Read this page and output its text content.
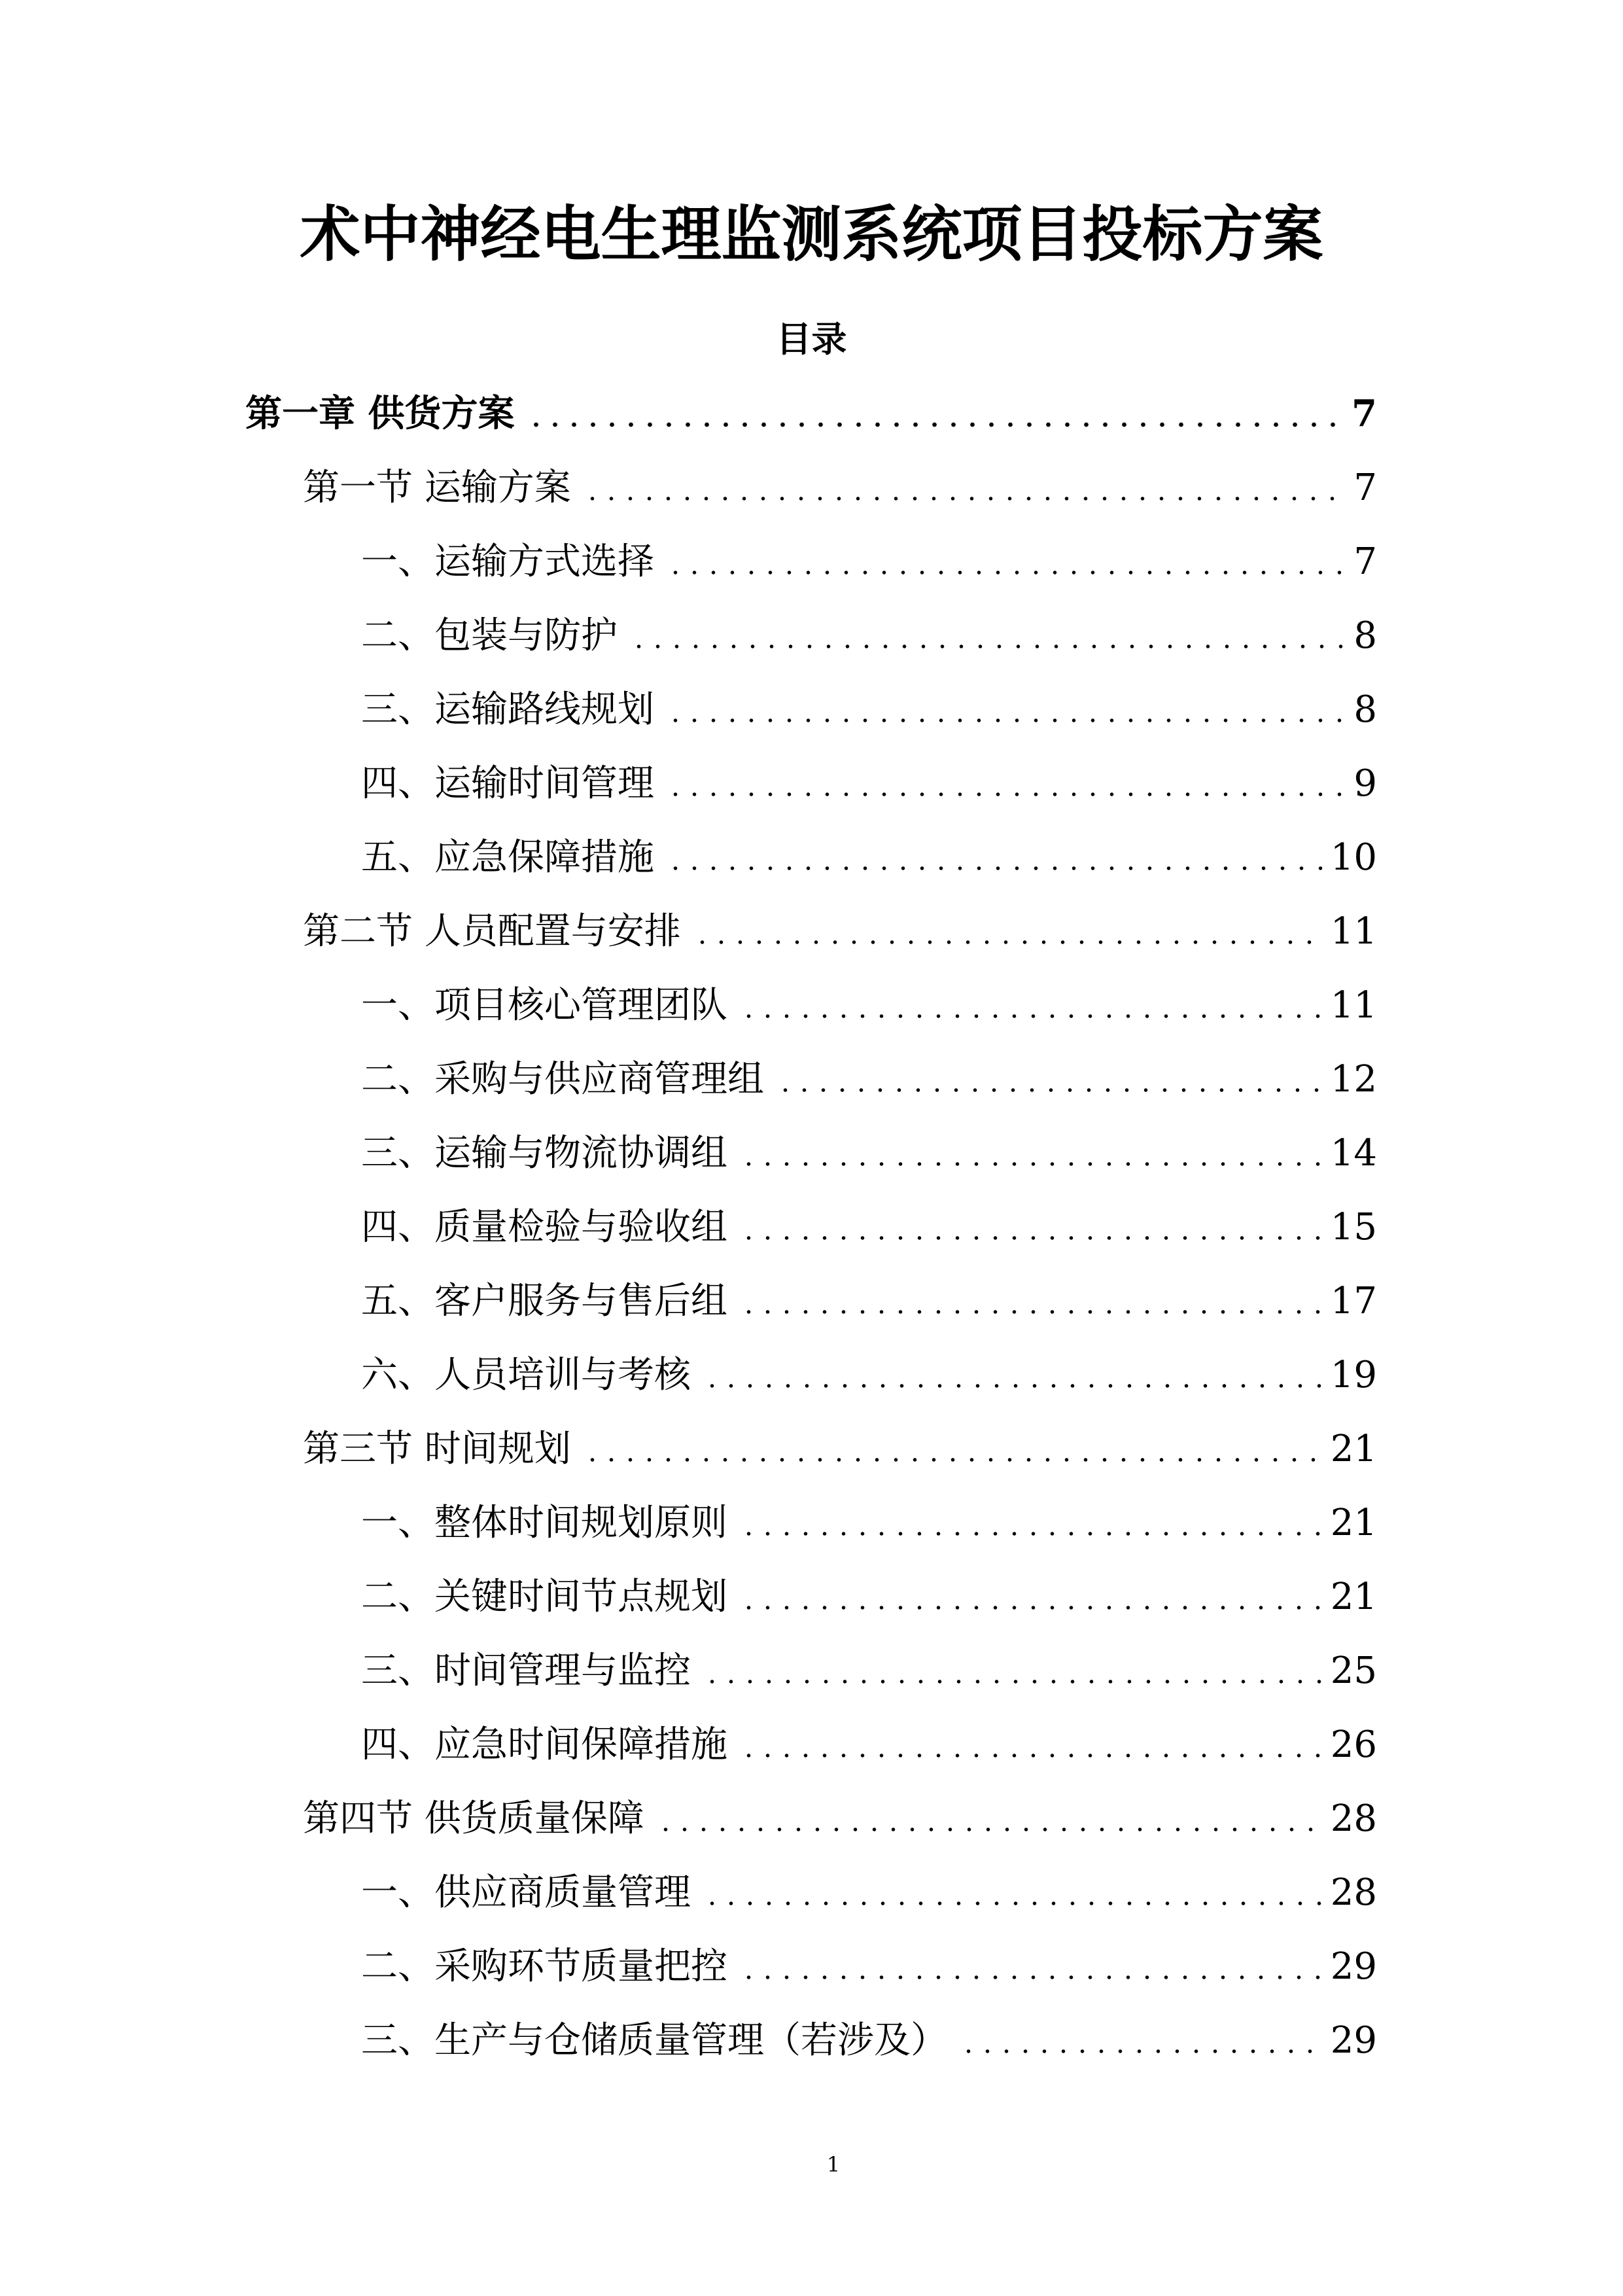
术中神经电生理监测系统项目投标方案
目录
第一章 供货方案	7
第一节 运输方案	7
一、运输方式选择	7
二、包装与防护	8
三、运输路线规划	8
四、运输时间管理	9
五、应急保障措施	10
第二节 人员配置与安排	11
一、项目核心管理团队	11
二、采购与供应商管理组	12
三、运输与物流协调组	14
四、质量检验与验收组	15
五、客户服务与售后组	17
六、人员培训与考核	19
第三节 时间规划	21
一、整体时间规划原则	21
二、关键时间节点规划	21
三、时间管理与监控	25
四、应急时间保障措施	26
第四节 供货质量保障	28
一、供应商质量管理	28
二、采购环节质量把控	29
三、生产与仓储质量管理（若涉及）	29
1
